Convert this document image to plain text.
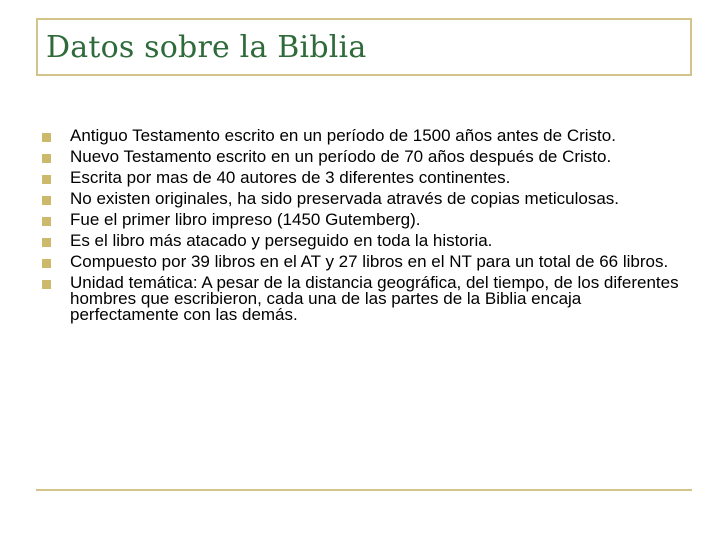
Datos sobre la Biblia
Antiguo Testamento escrito en un período de 1500 años antes de Cristo.
Nuevo Testamento escrito en un período de 70 años después de Cristo.
Escrita por mas de 40 autores de 3 diferentes continentes.
No existen originales, ha sido preservada através de copias meticulosas.
Fue el primer libro impreso (1450 Gutemberg).
Es el libro más atacado y perseguido en toda la historia.
Compuesto por 39 libros en el AT y 27 libros en el NT para un total de 66 libros.
Unidad temática: A pesar de la distancia geográfica, del tiempo, de los diferentes hombres que escribieron, cada una de las partes de la Biblia encaja perfectamente con las demás.
